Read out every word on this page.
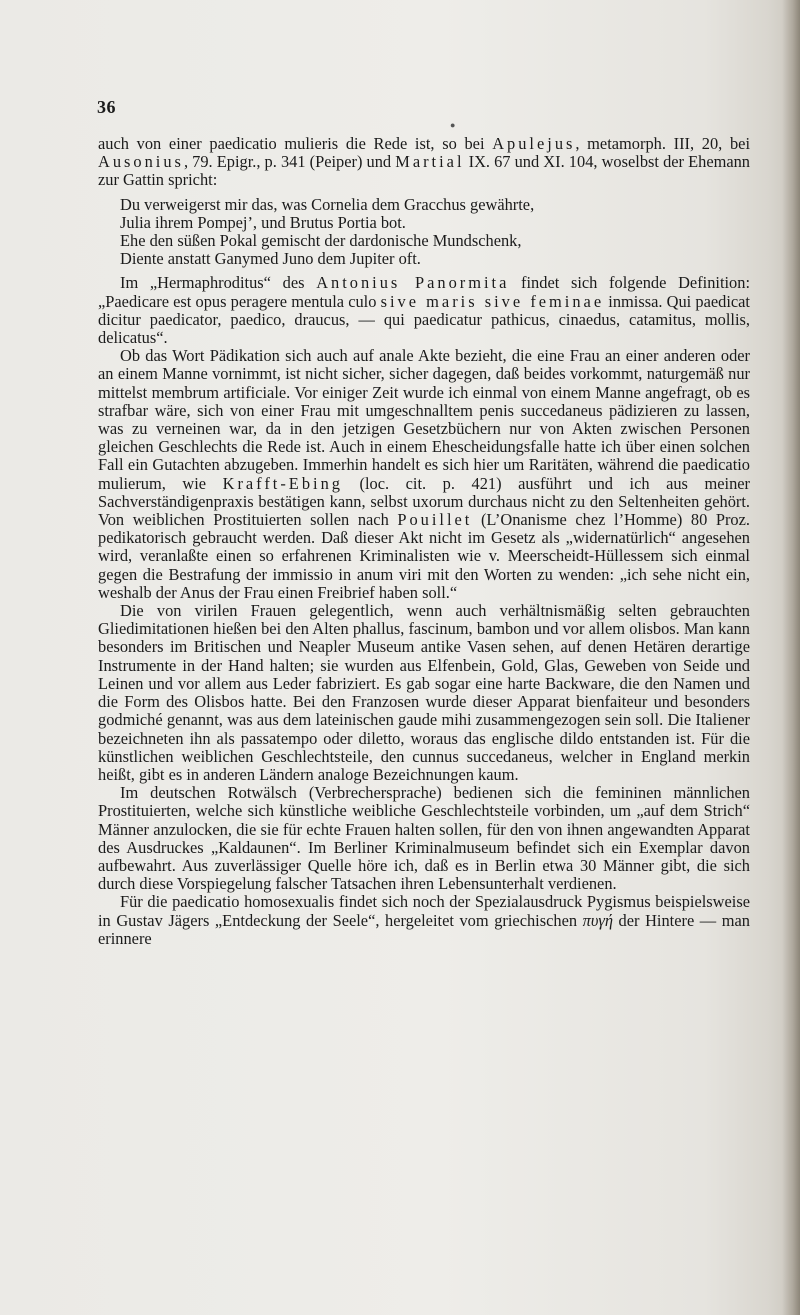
36
●

auch von einer paedicatio mulieris die Rede ist, so bei Apulejus, metamorph. III, 20, bei Ausonius, 79. Epigr., p. 341 (Peiper) und Martial IX. 67 und XI. 104, woselbst der Ehemann zur Gattin spricht:

Du verweigerst mir das, was Cornelia dem Gracchus gewährte,
Julia ihrem Pompej’, und Brutus Portia bot.
Ehe den süßen Pokal gemischt der dardonische Mundschenk,
Diente anstatt Ganymed Juno dem Jupiter oft.

Im „Hermaphroditus“ des Antonius Panormita findet sich folgende Definition: „Paedicare est opus peragere mentula culo sive maris sive feminae inmissa. Qui paedicat dicitur paedicator, paedico, draucus, — qui paedicatur pathicus, cinaedus, catamitus, mollis, delicatus“.

Ob das Wort Pädikation sich auch auf anale Akte bezieht, die eine Frau an einer anderen oder an einem Manne vornimmt, ist nicht sicher, sicher dagegen, daß beides vorkommt, naturgemäß nur mittelst membrum artificiale. Vor einiger Zeit wurde ich einmal von einem Manne angefragt, ob es strafbar wäre, sich von einer Frau mit umgeschnalltem penis succedaneus pädizieren zu lassen, was zu verneinen war, da in den jetzigen Gesetzbüchern nur von Akten zwischen Personen gleichen Geschlechts die Rede ist. Auch in einem Ehescheidungsfalle hatte ich über einen solchen Fall ein Gutachten abzugeben. Immerhin handelt es sich hier um Raritäten, während die paedicatio mulierum, wie Krafft-Ebing (loc. cit. p. 421) ausführt und ich aus meiner Sachverständigenpraxis bestätigen kann, selbst uxorum durchaus nicht zu den Seltenheiten gehört. Von weiblichen Prostituierten sollen nach Pouillet (L’Onanisme chez l’Homme) 80 Proz. pedikatorisch gebraucht werden. Daß dieser Akt nicht im Gesetz als „widernatürlich“ angesehen wird, veranlaßte einen so erfahrenen Kriminalisten wie v. Meerscheidt-Hüllessem sich einmal gegen die Bestrafung der immissio in anum viri mit den Worten zu wenden: „ich sehe nicht ein, weshalb der Anus der Frau einen Freibrief haben soll.“

Die von virilen Frauen gelegentlich, wenn auch verhältnismäßig selten gebrauchten Gliedimitationen hießen bei den Alten phallus, fascinum, bambon und vor allem olisbos. Man kann besonders im Britischen und Neapler Museum antike Vasen sehen, auf denen Hetären derartige Instrumente in der Hand halten; sie wurden aus Elfenbein, Gold, Glas, Geweben von Seide und Leinen und vor allem aus Leder fabriziert. Es gab sogar eine harte Backware, die den Namen und die Form des Olisbos hatte. Bei den Franzosen wurde dieser Apparat bienfaiteur und besonders godmiché genannt, was aus dem lateinischen gaude mihi zusammengezogen sein soll. Die Italiener bezeichneten ihn als passatempo oder diletto, woraus das englische dildo entstanden ist. Für die künstlichen weiblichen Geschlechtsteile, den cunnus succedaneus, welcher in England merkin heißt, gibt es in anderen Ländern analoge Bezeichnungen kaum.

Im deutschen Rotwälsch (Verbrechersprache) bedienen sich die femininen männlichen Prostituierten, welche sich künstliche weibliche Geschlechtsteile vorbinden, um „auf dem Strich“ Männer anzulocken, die sie für echte Frauen halten sollen, für den von ihnen angewandten Apparat des Ausdruckes „Kaldaunen“. Im Berliner Kriminalmuseum befindet sich ein Exemplar davon aufbewahrt. Aus zuverlässiger Quelle höre ich, daß es in Berlin etwa 30 Männer gibt, die sich durch diese Vorspiegelung falscher Tatsachen ihren Lebensunterhalt verdienen.

Für die paedicatio homosexualis findet sich noch der Spezialausdruck Pygismus beispielsweise in Gustav Jägers „Entdeckung der Seele“, hergeleitet vom griechischen πυγή der Hintere — man erinnere
